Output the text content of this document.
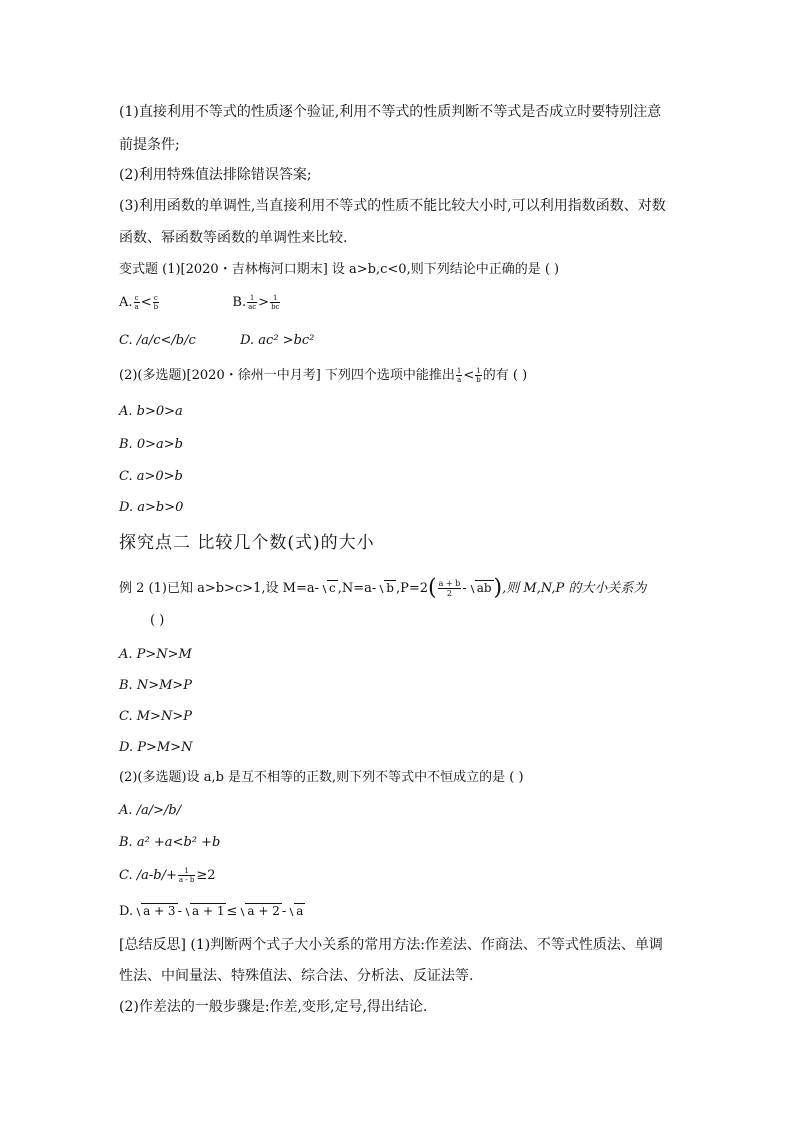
(1)直接利用不等式的性质逐个验证,利用不等式的性质判断不等式是否成立时要特别注意
前提条件;
(2)利用特殊值法排除错误答案;
(3)利用函数的单调性,当直接利用不等式的性质不能比较大小时,可以利用指数函数、对数
函数、幂函数等函数的单调性来比较.
变式题 (1)[2020・吉林梅河口期末] 设 a>b,c<0,则下列结论中正确的是 ( )
A. $\frac{c}{a} < \frac{c}{b}$	B. $\frac{1}{ac} > \frac{1}{bc}$
C. /a/c</b/c	D. ac² >bc²
(2)(多选题)[2020・徐州一中月考] 下列四个选项中能推出 $\frac{1}{a} < \frac{1}{b}$ 的有 ( )
A. b>0>a
B. 0>a>b
C. a>0>b
D. a>b>0
探究点二 比较几个数(式)的大小
例 2 (1)已知 a>b>c>1,设 M=a- c ,N=a- b $,P=2( \frac{a + b}{2} - ab)$,则 M,N,P 的大小关系为
( )
A. P>N>M
B. N>M>P
C. M>N>P
D. P>M>N
(2)(多选题)设 a,b 是互不相等的正数,则下列不等式中不恒成立的是 ( )
A. /a/>/b/
B. a² +a<b² +b
C. $/a-b/+ \frac{1}{a - b} \ge 2$
D. a + 3 - a + 1 ≤ a + 2 - a
[总结反思] (1)判断两个式子大小关系的常用方法:作差法、作商法、不等式性质法、单调
性法、中间量法、特殊值法、综合法、分析法、反证法等.
(2)作差法的一般步骤是:作差,变形,定号,得出结论.
